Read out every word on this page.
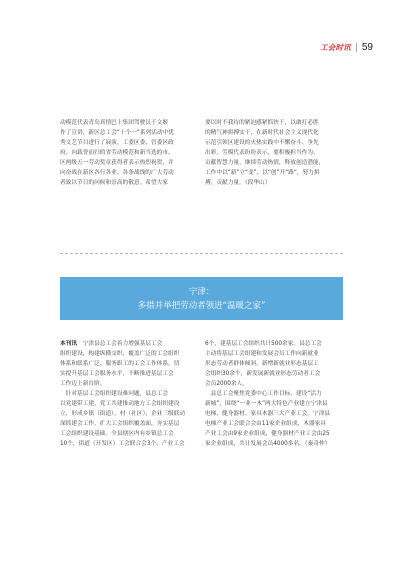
工会时讯 59

动模范代表青岛真情巴士集团驾驶员于文姬

作了宣讲，新区总工会“十个一”系列活动中优

秀文艺节目进行了展演。工委区委、管委区政

府、向载誉而归的省劳动模范和新当选的市、

区两级五一劳动奖章获得者表示热烈祝贺，并

向奋战在新区各行各业、各条战线的广大劳动

者致以节日的问候和崇高的敬意。希望大家

要以时不我待的紧迫感紧抓快干，以敢打必胜

的精气神拼搏实干，在新时代社会主义现代化

示范引领区建设的火热实践中不懈奋斗、争先

出彩。劳模代表纷纷表示，要积极担当作为、

贡献智慧力量，继续劳动热情，释放创造潜能，

工作中以“新”立“变”、以“创”开“路”，努力拼

搏，贡献力量。（段华山）

宁津：
多措并举把劳动者领进“温暖之家”

本刊讯　宁津县总工会着力增强基层工会

组织建设，构建纵横交织、覆盖广泛的工会组织

体系和联系广泛、服务职工的工会工作体系，切

实提升基层工会服务水平，不断推进基层工会

工作迈上新台阶。

　针对基层工会组织建设难问题，县总工会

以党建带工建，党工共建推动地方工会组织建设

立，形成乡镇（街道）、村（社区）、企业三级联动

深抓建会工作，扩大工会组织覆盖面，夯实基层

工会组织建设基础。全县辖区内有乡镇总工会

10个，街道（开发区）工会联合会3个，产业工会

6个，建基层工会组织共计500余家。县总工会

主动将基层工会组建和发展会员工作向新就业

形态劳动者群体倾斜，新增新就业形态基层工

会组织30余个，新发展新就业形态劳动者工会

会员2000余人。

　县总工会聚焦党委中心工作目标，建设“活力

新城”，围绕“一业一木”两大特色产业建立宁津县

电梯、健身器材、家具木器三大产业工会。宁津县

电梯产业工会联合会由11家企业组成，木器家具

产业工会由9家企业组成，健身器材产业工会由25

家企业组成，共计发展会员4000多名。（秦奇仲）
